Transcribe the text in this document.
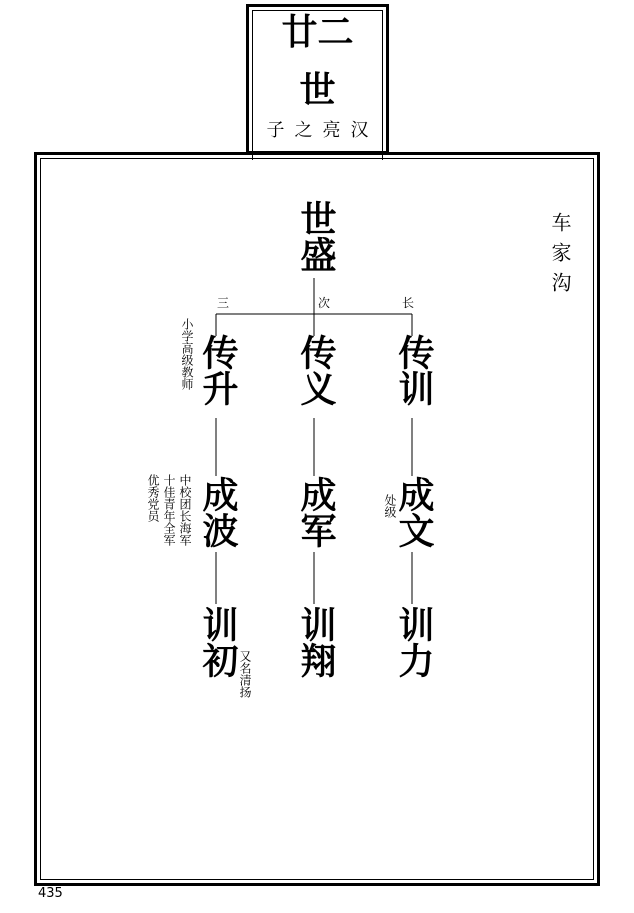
廿二
世
子之亮汉
车家沟
世盛
三	次	长
传升
小学高级教师	传义 传训
成波
中校团长海军
十佳青年全军
优秀党员	成军 成文
处级
训初 又名清扬 训翔 训力
435
